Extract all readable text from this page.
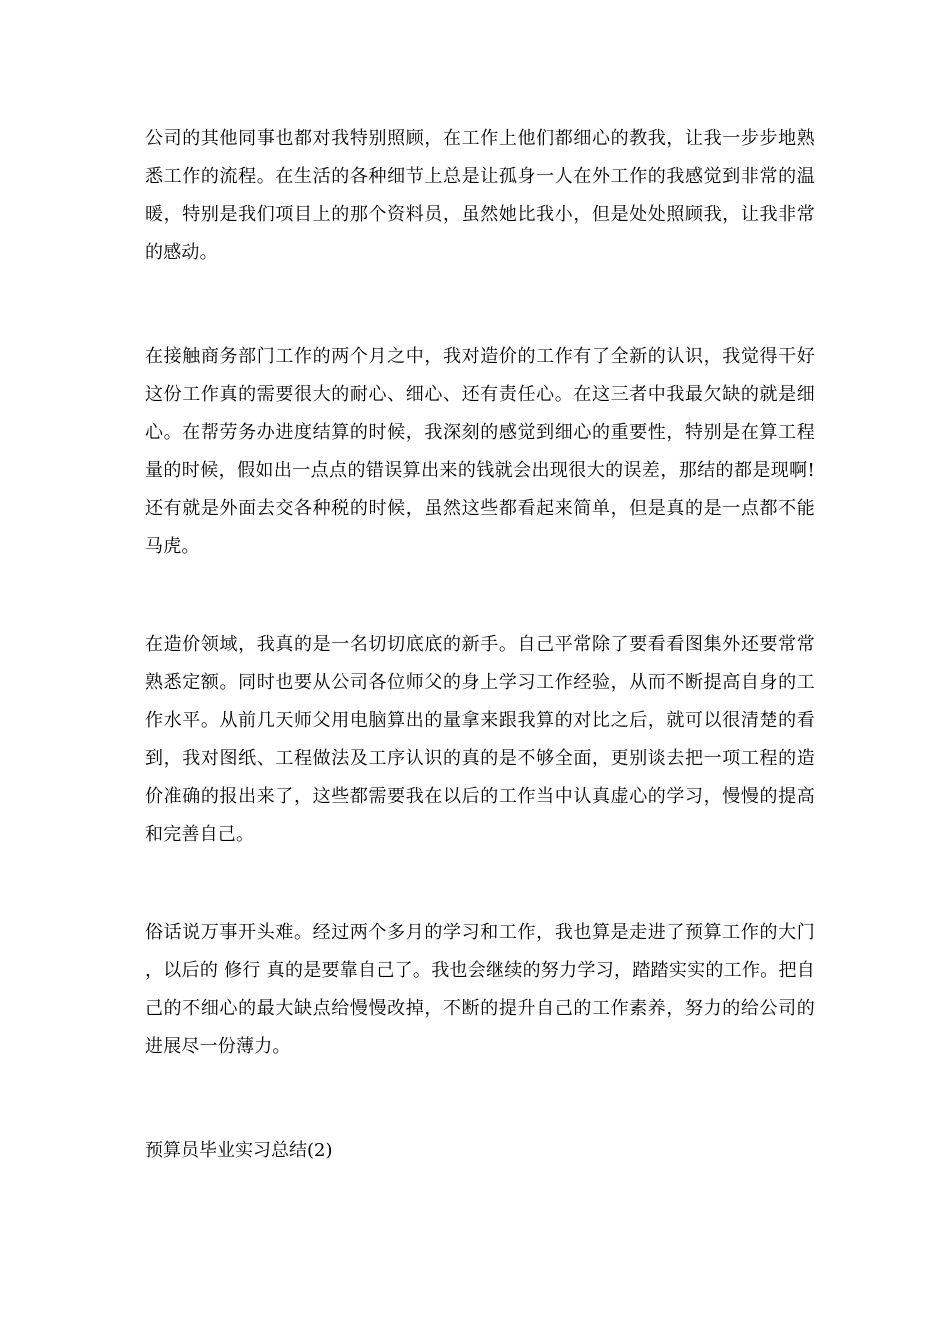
公司的其他同事也都对我特别照顾，在工作上他们都细心的教我，让我一步步地熟悉工作的流程。在生活的各种细节上总是让孤身一人在外工作的我感觉到非常的温暖，特别是我们项目上的那个资料员，虽然她比我小，但是处处照顾我，让我非常的感动。

在接触商务部门工作的两个月之中，我对造价的工作有了全新的认识，我觉得干好这份工作真的需要很大的耐心、细心、还有责任心。在这三者中我最欠缺的就是细心。在帮劳务办进度结算的时候，我深刻的感觉到细心的重要性，特别是在算工程量的时候，假如出一点点的错误算出来的钱就会出现很大的误差，那结的都是现啊!还有就是外面去交各种税的时候，虽然这些都看起来简单，但是真的是一点都不能马虎。

在造价领域，我真的是一名切切底底的新手。自己平常除了要看看图集外还要常常熟悉定额。同时也要从公司各位师父的身上学习工作经验，从而不断提高自身的工作水平。从前几天师父用电脑算出的量拿来跟我算的对比之后，就可以很清楚的看到，我对图纸、工程做法及工序认识的真的是不够全面，更别谈去把一项工程的造价准确的报出来了，这些都需要我在以后的工作当中认真虚心的学习，慢慢的提高和完善自己。

俗话说万事开头难。经过两个多月的学习和工作，我也算是走进了预算工作的大门 ，以后的 修行 真的是要靠自己了。我也会继续的努力学习，踏踏实实的工作。把自己的不细心的最大缺点给慢慢改掉，不断的提升自己的工作素养，努力的给公司的进展尽一份薄力。

预算员毕业实习总结(2)
